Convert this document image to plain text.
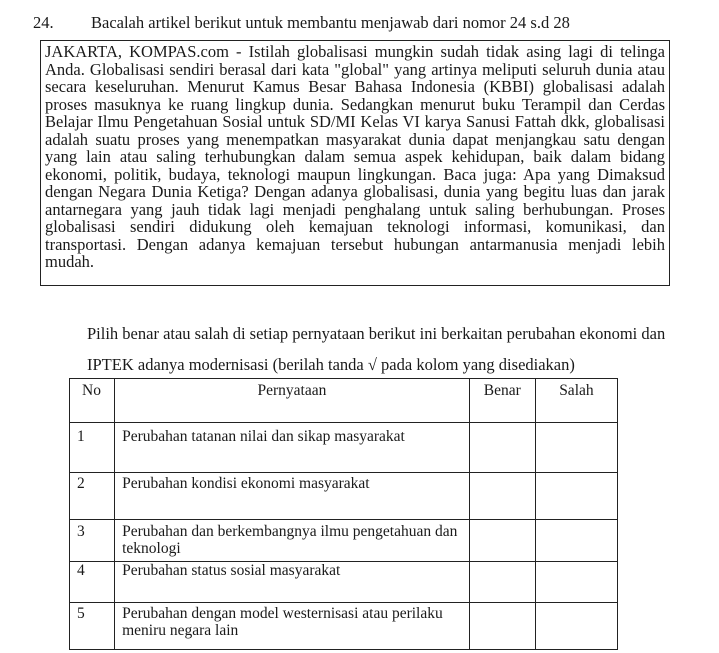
24. Bacalah artikel berikut untuk membantu menjawab dari nomor 24 s.d 28
JAKARTA, KOMPAS.com - Istilah globalisasi mungkin sudah tidak asing lagi di telinga Anda. Globalisasi sendiri berasal dari kata "global" yang artinya meliputi seluruh dunia atau secara keseluruhan. Menurut Kamus Besar Bahasa Indonesia (KBBI) globalisasi adalah proses masuknya ke ruang lingkup dunia. Sedangkan menurut buku Terampil dan Cerdas Belajar Ilmu Pengetahuan Sosial untuk SD/MI Kelas VI karya Sanusi Fattah dkk, globalisasi adalah suatu proses yang menempatkan masyarakat dunia dapat menjangkau satu dengan yang lain atau saling terhubungkan dalam semua aspek kehidupan, baik dalam bidang ekonomi, politik, budaya, teknologi maupun lingkungan. Baca juga: Apa yang Dimaksud dengan Negara Dunia Ketiga? Dengan adanya globalisasi, dunia yang begitu luas dan jarak antarnegara yang jauh tidak lagi menjadi penghalang untuk saling berhubungan. Proses globalisasi sendiri didukung oleh kemajuan teknologi informasi, komunikasi, dan transportasi. Dengan adanya kemajuan tersebut hubungan antarmanusia menjadi lebih mudah.
Pilih benar atau salah di setiap pernyataan berikut ini berkaitan perubahan ekonomi dan IPTEK adanya modernisasi (berilah tanda √ pada kolom yang disediakan)
No	Pernyataan	Benar	Salah
1	Perubahan tatanan nilai dan sikap masyarakat		
2	Perubahan kondisi ekonomi masyarakat		
3	Perubahan dan berkembangnya ilmu pengetahuan dan teknologi		
4	Perubahan status sosial masyarakat		
5	Perubahan dengan model westernisasi atau perilaku meniru negara lain		
